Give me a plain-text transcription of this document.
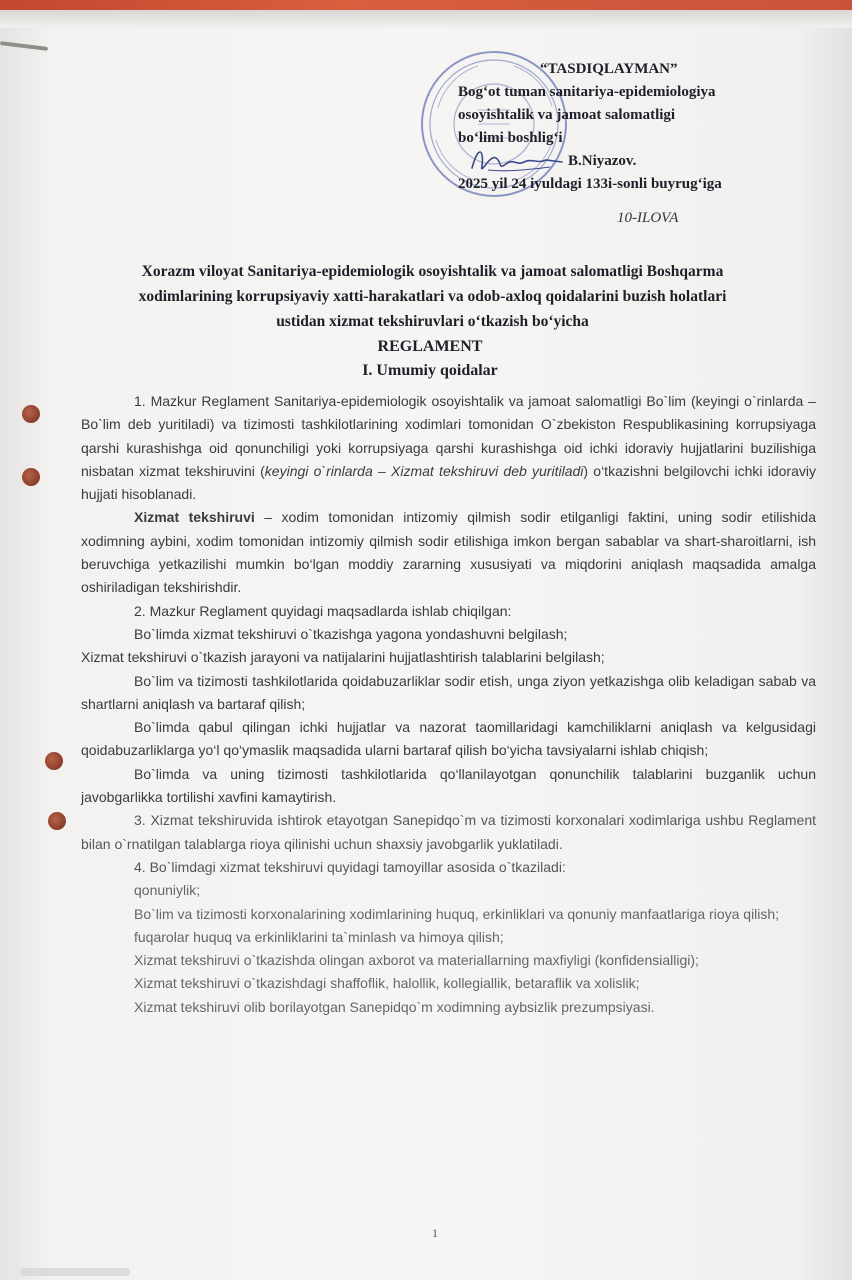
“TASDIQLAYMAN”
Bog‘ot tuman sanitariya-epidemiologiya
osoyishtalik va jamoat salomatligi
bo‘limi boshlig‘i
B.Niyazov.
2025 yil 24 iyuldagi 133i-sonli buyrug‘iga
10-ILOVA
Xorazm viloyat Sanitariya-epidemiologik osoyishtalik va jamoat salomatligi Boshqarma
xodimlarining korrupsiyaviy xatti-harakatlari va odob-axloq qoidalarini buzish holatlari
ustidan xizmat tekshiruvlari o‘tkazish bo‘yicha
REGLAMENT
I. Umumiy qoidalar

1. Mazkur Reglament Sanitariya-epidemiologik osoyishtalik va jamoat salomatligi Bo`lim (keyingi o`rinlarda – Bo`lim deb yuritiladi) va tizimosti tashkilotlarining xodimlari tomonidan O`zbekiston Respublikasining korrupsiyaga qarshi kurashishga oid qonunchiligi yoki korrupsiyaga qarshi kurashishga oid ichki idoraviy hujjatlarini buzilishiga nisbatan xizmat tekshiruvini (keyingi o`rinlarda – Xizmat tekshiruvi deb yuritiladi) o‘tkazishni belgilovchi ichki idoraviy hujjati hisoblanadi.

Xizmat tekshiruvi – xodim tomonidan intizomiy qilmish sodir etilganligi faktini, uning sodir etilishida xodimning aybini, xodim tomonidan intizomiy qilmish sodir etilishiga imkon bergan sabablar va shart-sharoitlarni, ish beruvchiga yetkazilishi mumkin bo‘lgan moddiy zararning xususiyati va miqdorini aniqlash maqsadida amalga oshiriladigan tekshirishdir.

2. Mazkur Reglament quyidagi maqsadlarda ishlab chiqilgan:

Bo`limda xizmat tekshiruvi o`tkazishga yagona yondashuvni belgilash;

Xizmat tekshiruvi o`tkazish jarayoni va natijalarini hujjatlashtirish talablarini belgilash;

Bo`lim va tizimosti tashkilotlarida qoidabuzarliklar sodir etish, unga ziyon yetkazishga olib keladigan sabab va shartlarni aniqlash va bartaraf qilish;

Bo`limda qabul qilingan ichki hujjatlar va nazorat taomillaridagi kamchiliklarni aniqlash va kelgusidagi qoidabuzarliklarga yo‘l qo‘ymaslik maqsadida ularni bartaraf qilish bo‘yicha tavsiyalarni ishlab chiqish;

Bo`limda va uning tizimosti tashkilotlarida qo‘llanilayotgan qonunchilik talablarini buzganlik uchun javobgarlikka tortilishi xavfini kamaytirish.

3. Xizmat tekshiruvida ishtirok etayotgan Sanepidqo`m va tizimosti korxonalari xodimlariga ushbu Reglament bilan o`rnatilgan talablarga rioya qilinishi uchun shaxsiy javobgarlik yuklatiladi.

4. Bo`limdagi xizmat tekshiruvi quyidagi tamoyillar asosida o`tkaziladi:

qonuniylik;

Bo`lim va tizimosti korxonalarining xodimlarining huquq, erkinliklari va qonuniy manfaatlariga rioya qilish;

fuqarolar huquq va erkinliklarini ta`minlash va himoya qilish;

Xizmat tekshiruvi o`tkazishda olingan axborot va materiallarning maxfiyligi (konfidensialligi);

Xizmat tekshiruvi o`tkazishdagi shaffoflik, halollik, kollegiallik, betaraflik va xolislik;

Xizmat tekshiruvi olib borilayotgan Sanepidqo`m xodimning aybsizlik prezumpsiyasi.

1
